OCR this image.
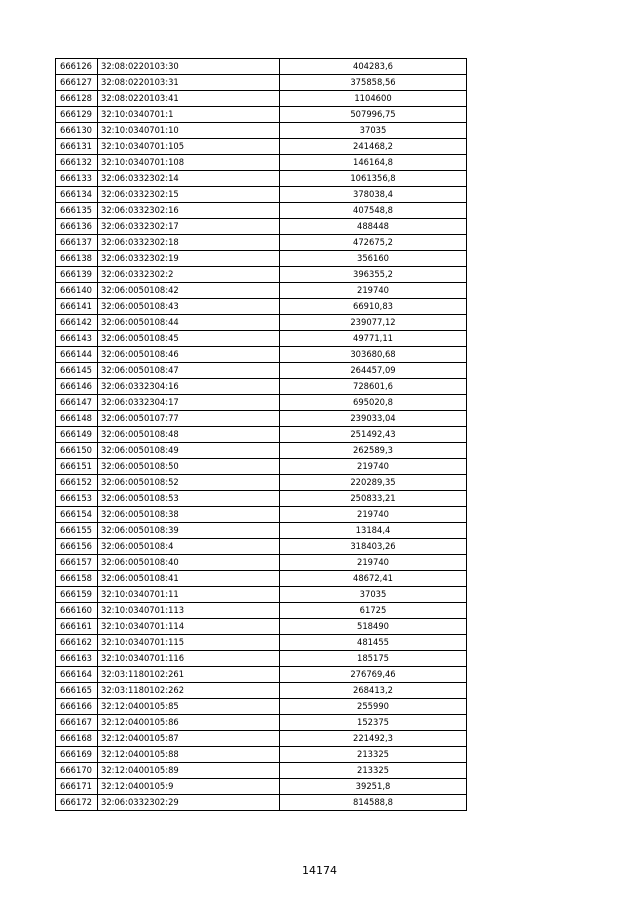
666126	32:08:0220103:30	404283,6
666127	32:08:0220103:31	375858,56
666128	32:08:0220103:41	1104600
666129	32:10:0340701:1	507996,75
666130	32:10:0340701:10	37035
666131	32:10:0340701:105	241468,2
666132	32:10:0340701:108	146164,8
666133	32:06:0332302:14	1061356,8
666134	32:06:0332302:15	378038,4
666135	32:06:0332302:16	407548,8
666136	32:06:0332302:17	488448
666137	32:06:0332302:18	472675,2
666138	32:06:0332302:19	356160
666139	32:06:0332302:2	396355,2
666140	32:06:0050108:42	219740
666141	32:06:0050108:43	66910,83
666142	32:06:0050108:44	239077,12
666143	32:06:0050108:45	49771,11
666144	32:06:0050108:46	303680,68
666145	32:06:0050108:47	264457,09
666146	32:06:0332304:16	728601,6
666147	32:06:0332304:17	695020,8
666148	32:06:0050107:77	239033,04
666149	32:06:0050108:48	251492,43
666150	32:06:0050108:49	262589,3
666151	32:06:0050108:50	219740
666152	32:06:0050108:52	220289,35
666153	32:06:0050108:53	250833,21
666154	32:06:0050108:38	219740
666155	32:06:0050108:39	13184,4
666156	32:06:0050108:4	318403,26
666157	32:06:0050108:40	219740
666158	32:06:0050108:41	48672,41
666159	32:10:0340701:11	37035
666160	32:10:0340701:113	61725
666161	32:10:0340701:114	518490
666162	32:10:0340701:115	481455
666163	32:10:0340701:116	185175
666164	32:03:1180102:261	276769,46
666165	32:03:1180102:262	268413,2
666166	32:12:0400105:85	255990
666167	32:12:0400105:86	152375
666168	32:12:0400105:87	221492,3
666169	32:12:0400105:88	213325
666170	32:12:0400105:89	213325
666171	32:12:0400105:9	39251,8
666172	32:06:0332302:29	814588,8
14174
